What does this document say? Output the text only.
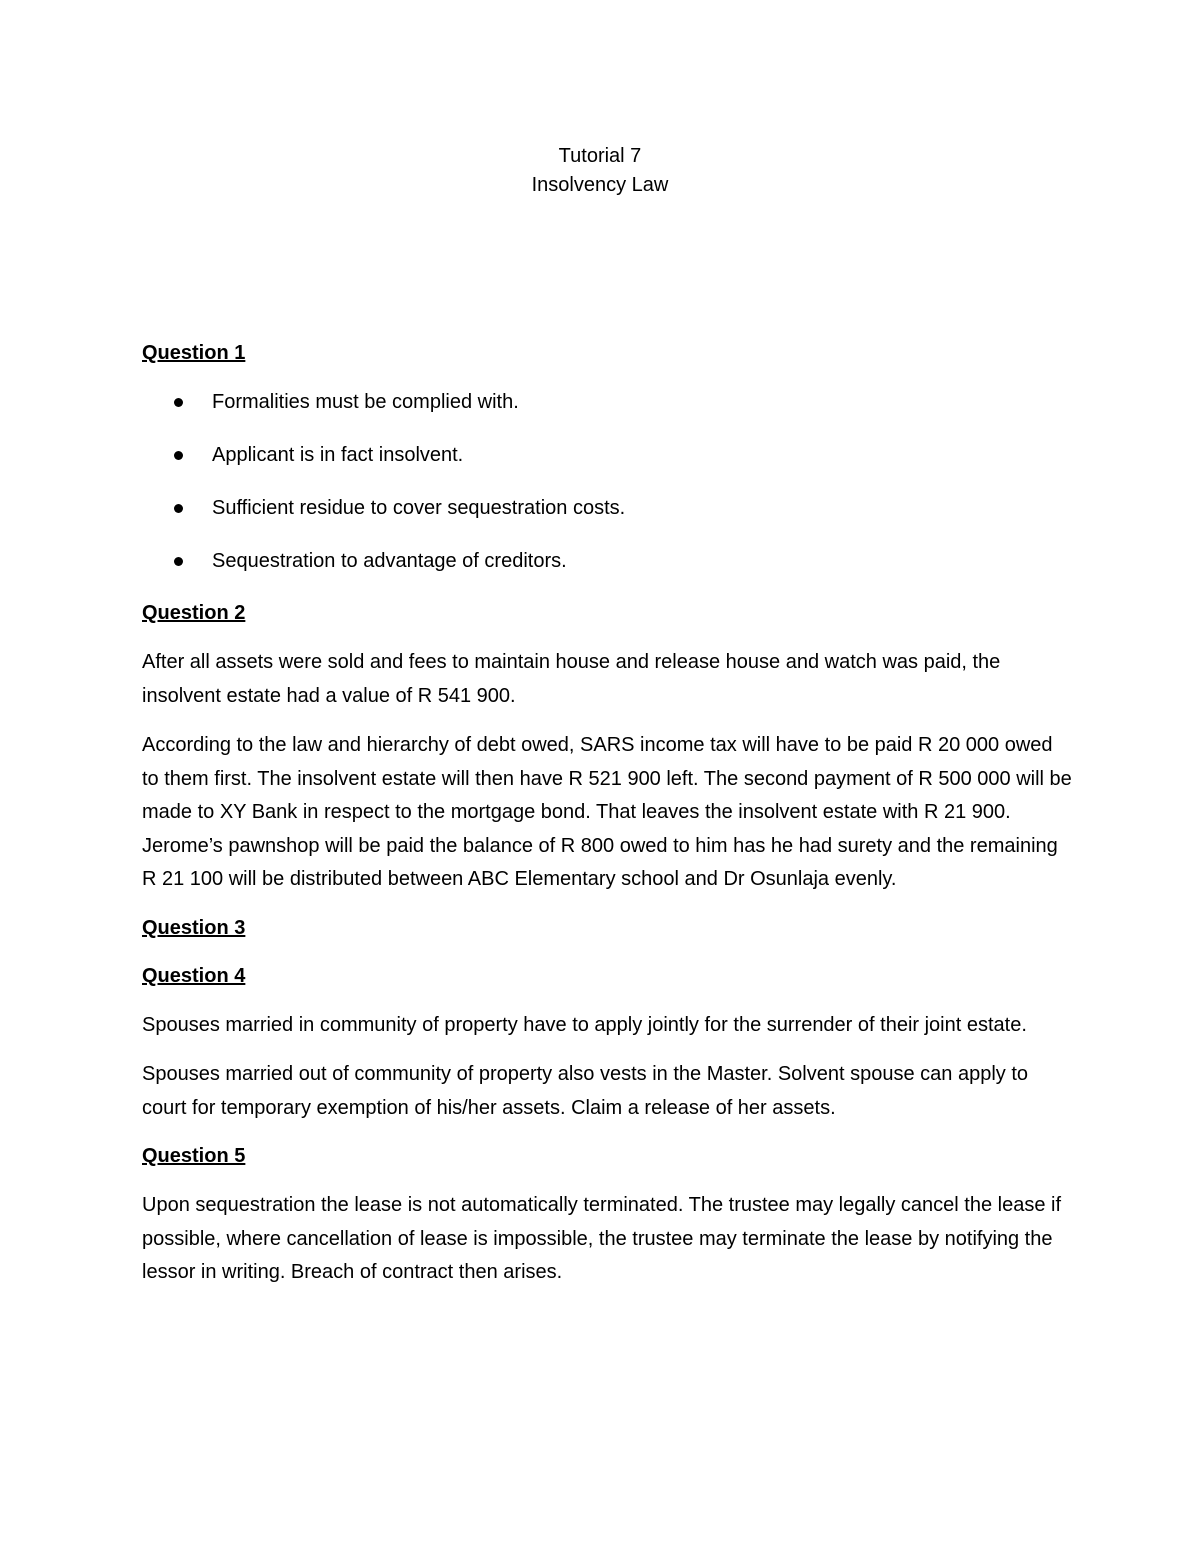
Tutorial 7
Insolvency Law
Question 1
Formalities must be complied with.
Applicant is in fact insolvent.
Sufficient residue to cover sequestration costs.
Sequestration to advantage of creditors.
Question 2

After all assets were sold and fees to maintain house and release house and watch was paid, the insolvent estate had a value of R 541 900.

According to the law and hierarchy of debt owed, SARS income tax will have to be paid R 20 000 owed to them first. The insolvent estate will then have R 521 900 left. The second payment of R 500 000 will be made to XY Bank in respect to the mortgage bond. That leaves the insolvent estate with R 21 900. Jerome’s pawnshop will be paid the balance of R 800 owed to him has he had surety and the remaining R 21 100 will be distributed between ABC Elementary school and Dr Osunlaja evenly.

Question 3
Question 4

Spouses married in community of property have to apply jointly for the surrender of their joint estate.

Spouses married out of community of property also vests in the Master. Solvent spouse can apply to court for temporary exemption of his/her assets. Claim a release of her assets.

Question 5

Upon sequestration the lease is not automatically terminated. The trustee may legally cancel the lease if possible, where cancellation of lease is impossible, the trustee may terminate the lease by notifying the lessor in writing. Breach of contract then arises.
